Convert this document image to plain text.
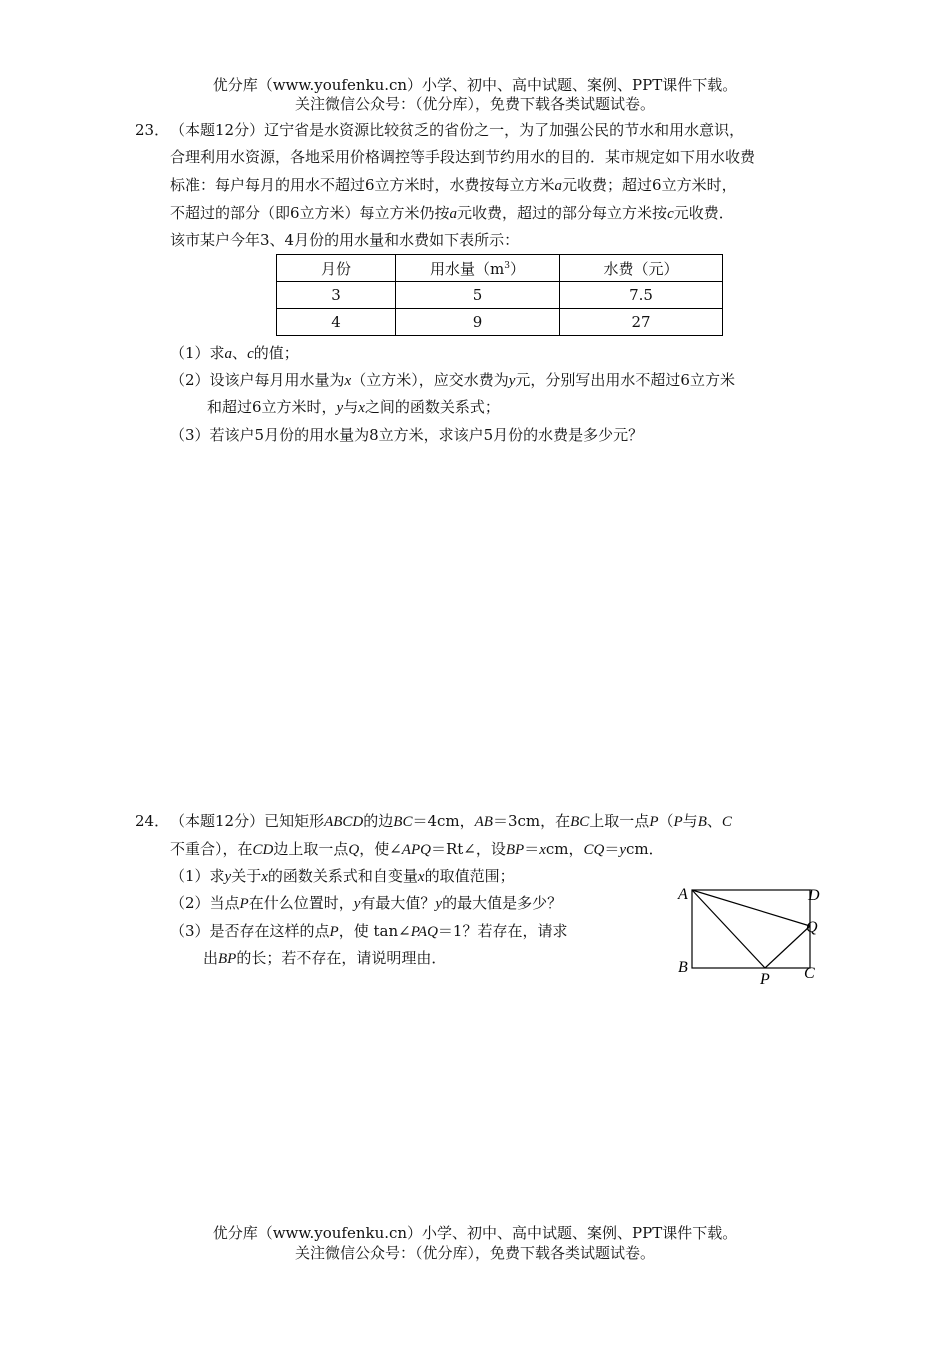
优分库（www.youfenku.cn）小学、初中、高中试题、案例、PPT课件下载。
关注微信公众号：（优分库），免费下载各类试题试卷。
23． （本题12分）辽宁省是水资源比较贫乏的省份之一，为了加强公民的节水和用水意识，
合理利用水资源，各地采用价格调控等手段达到节约用水的目的．某市规定如下用水收费
标准：每户每月的用水不超过6立方米时，水费按每立方米a元收费；超过6立方米时，
不超过的部分（即6立方米）每立方米仍按a元收费，超过的部分每立方米按c元收费．
该市某户今年3、4月份的用水量和水费如下表所示：
月份	用水量$(m^3)$	水费（元）
3	5	7.5
4	9	27
（1）求a、c的值；
（2）设该户每月用水量为x（立方米），应交水费为y元，分别写出用水不超过6立方米
和超过6立方米时，y与x之间的函数关系式；
（3）若该户5月份的用水量为8立方米，求该户5月份的水费是多少元？
24． （本题12分）已知矩形ABCD的边BC＝4cm，AB＝3cm，在BC上取一点P（P与B、C
不重合），在CD边上取一点Q，使∠APQ＝Rt∠，设BP＝xcm，CQ＝ycm．
（1）求y关于x的函数关系式和自变量x的取值范围；
（2）当点P在什么位置时，y有最大值？y的最大值是多少？
（3）是否存在这样的点P，使 tan∠PAQ＝1？若存在，请求
出BP的长；若不存在，请说明理由．
A	D
Q
B	C
P
优分库（www.youfenku.cn）小学、初中、高中试题、案例、PPT课件下载。
关注微信公众号：（优分库），免费下载各类试题试卷。
